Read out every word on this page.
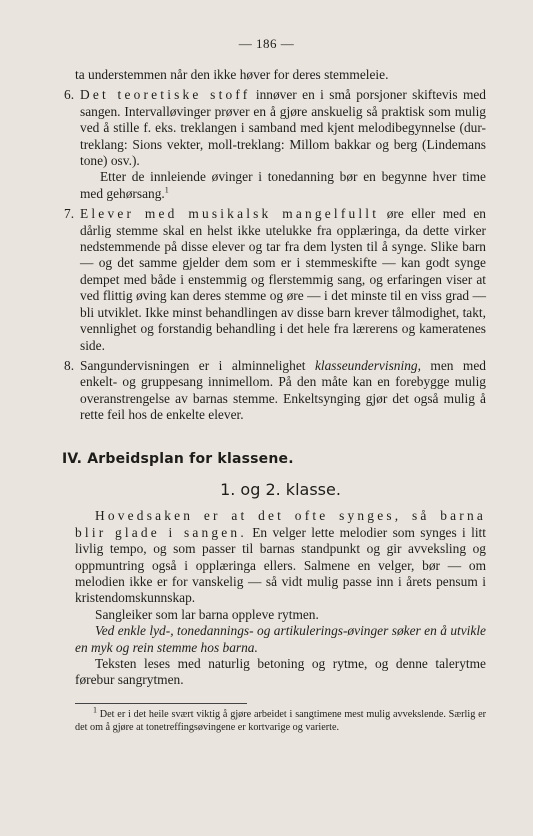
— 186 —

ta understemmen når den ikke høver for deres stemmeleie.

6. Det teoretiske stoff innøver en i små porsjoner skiftevis med sangen. Intervalløvinger prøver en å gjøre anskuelig så praktisk som mulig ved å stille f. eks. treklangen i samband med kjent melodibegynnelse (dur-treklang: Sions vekter, moll-treklang: Millom bakkar og berg (Lindemans tone) osv.).

Etter de innleiende øvinger i tonedanning bør en begynne hver time med gehørsang.$^1$

7. Elever med musikalsk mangelfullt øre eller med en dårlig stemme skal en helst ikke utelukke fra opplæringa, da dette virker nedstemmende på disse elever og tar fra dem lysten til å synge. Slike barn — og det samme gjelder dem som er i stemmeskifte — kan godt synge dempet med både i enstemmig og flerstemmig sang, og erfaringen viser at ved flittig øving kan deres stemme og øre — i det minste til en viss grad — bli utviklet. Ikke minst behandlingen av disse barn krever tålmodighet, takt, vennlighet og forstandig behandling i det hele fra lærerens og kameratenes side.

8. Sangundervisningen er i alminnelighet klasseundervisning, men med enkelt- og gruppesang innimellom. På den måte kan en forebygge mulig overanstrengelse av barnas stemme. Enkeltsynging gjør det også mulig å rette feil hos de enkelte elever.

IV. Arbeidsplan for klassene.

1. og 2. klasse.

Hovedsaken er at det ofte synges, så barna blir glade i sangen. En velger lette melodier som synges i litt livlig tempo, og som passer til barnas standpunkt og gir avveksling og oppmuntring også i opplæringa ellers. Salmene en velger, bør — om melodien ikke er for vanskelig — så vidt mulig passe inn i årets pensum i kristendomskunnskap.

Sangleiker som lar barna oppleve rytmen.

Ved enkle lyd-, tonedannings- og artikulerings-øvinger søker en å utvikle en myk og rein stemme hos barna.

Teksten leses med naturlig betoning og rytme, og denne talerytme førebur sangrytmen.

$^1$ Det er i det heile svært viktig å gjøre arbeidet i sangtimene mest mulig avvekslende. Særlig er det om å gjøre at tonetreffingsøvingene er kortvarige og varierte.
